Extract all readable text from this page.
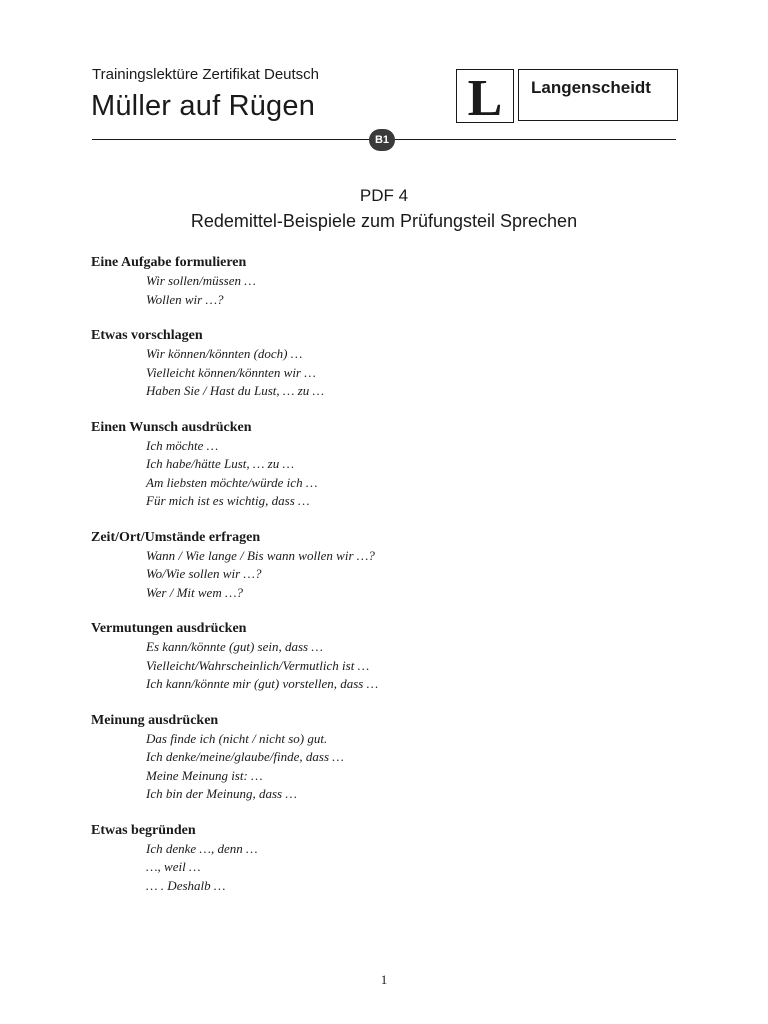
Trainingslektüre Zertifikat Deutsch
Müller auf Rügen	L Langenscheidt
B1
PDF 4
Redemittel-Beispiele zum Prüfungsteil Sprechen
Eine Aufgabe formulieren
Wir sollen/müssen …
Wollen wir …?
Etwas vorschlagen
Wir können/könnten (doch) …
Vielleicht können/könnten wir …
Haben Sie / Hast du Lust, … zu …
Einen Wunsch ausdrücken
Ich möchte …
Ich habe/hätte Lust, … zu …
Am liebsten möchte/würde ich …
Für mich ist es wichtig, dass …
Zeit/Ort/Umstände erfragen
Wann / Wie lange / Bis wann wollen wir …?
Wo/Wie sollen wir …?
Wer / Mit wem …?
Vermutungen ausdrücken
Es kann/könnte (gut) sein, dass …
Vielleicht/Wahrscheinlich/Vermutlich ist …
Ich kann/könnte mir (gut) vorstellen, dass …
Meinung ausdrücken
Das finde ich (nicht / nicht so) gut.
Ich denke/meine/glaube/finde, dass …
Meine Meinung ist: …
Ich bin der Meinung, dass …
Etwas begründen
Ich denke …, denn …
…, weil …
… . Deshalb …
1
